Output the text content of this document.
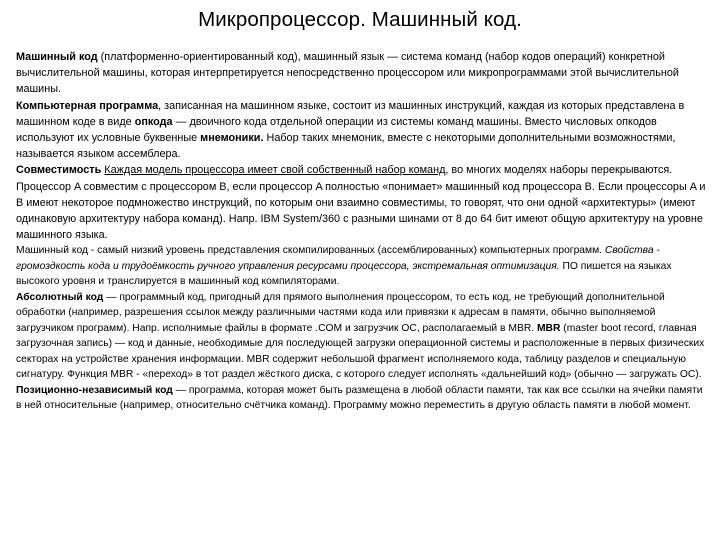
Микропроцессор. Машинный код.

Машинный код (платформенно-ориентированный код), машинный язык — система команд (набор кодов операций) конкретной вычислительной машины, которая интерпретируется непосредственно процессором или микропрограммами этой вычислительной машины.

Компьютерная программа, записанная на машинном языке, состоит из машинных инструкций, каждая из которых представлена в машинном коде в виде опкода — двоичного кода отдельной операции из системы команд машины. Вместо числовых опкодов используют их условные буквенные мнемоники. Набор таких мнемоник, вместе с некоторыми дополнительными возможностями, называется языком ассемблера.

Совместимость Каждая модель процессора имеет свой собственный набор команд, во многих моделях наборы перекрываются. Процессор A совместим с процессором B, если процессор A полностью «понимает» машинный код процессора B. Если процессоры A и B имеют некоторое подмножество инструкций, по которым они взаимно совместимы, то говорят, что они одной «архитектуры» (имеют одинаковую архитектуру набора команд). Напр. IBM System/360 с разными шинами от 8 до 64 бит имеют общую архитектуру на уровне машинного языка.

Машинный код - самый низкий уровень представления скомпилированных (ассемблированных) компьютерных программ. Свойства - громоздкость кода и трудоёмкость ручного управления ресурсами процессора, экстремальная оптимизация. ПО пишется на языках высокого уровня и транслируется в машинный код компиляторами.

Абсолютный код — программный код, пригодный для прямого выполнения процессором, то есть код, не требующий дополнительной обработки (например, разрешения ссылок между различными частями кода или привязки к адресам в памяти, обычно выполняемой загрузчиком программ). Напр. исполнимые файлы в формате .COM и загрузчик ОС, располагаемый в MBR. MBR (master boot record, главная загрузочная запись) — код и данные, необходимые для последующей загрузки операционной системы и расположенные в первых физических секторах на устройстве хранения информации. MBR содержит небольшой фрагмент исполняемого кода, таблицу разделов и специальную сигнатуру. Функция MBR - «переход» в тот раздел жёсткого диска, с которого следует исполнять «дальнейший код» (обычно — загружать ОС). Позиционно-независимый код — программа, которая может быть размещена в любой области памяти, так как все ссылки на ячейки памяти в ней относительные (например, относительно счётчика команд). Программу можно переместить в другую область памяти в любой момент.
